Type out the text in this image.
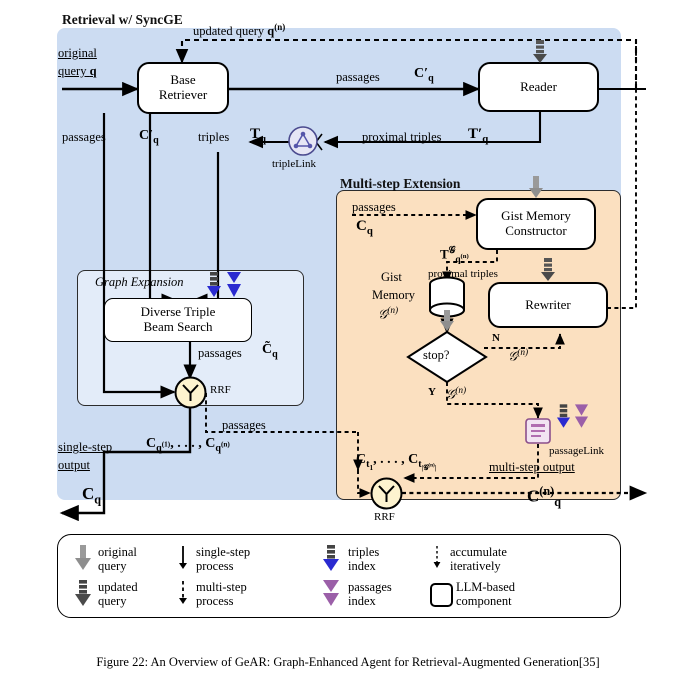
Retrieval w/ SyncGE
Graph Expansion
Multi-step Extension
Base
Retriever
Reader
Diverse Triple
Beam Search
Gist Memory
Constructor
Rewriter
stop?
RRF
RRF
tripleLink
passageLink
updated query $q^{(n)}$
original
query q	passages $C'_q$
passages $C'_q$	triples $T_q$	proximal triples $T'_q$
passages
$C_q$
$T^𝒢_{q^{(n)}}$
proximal triples
Gist
Memory
𝒢$^{(n)}$
passages $C̃_q$
N
Y
𝒢$^{(n)}$
𝒢$^{(n)}$
passages
$C_{q^{(1)}}$, . . . , $C_{q^{(n)}}$
$C_{t_1}$, . . . , $C_{t_{|𝒢^{(n)}|}}$
single-step
output
$C_q$
multi-step output
$C^{(n)}_q$
original
query
updated
query
single-step
process
multi-step
process
triples
index
passages
index
accumulate
iteratively
LLM-based
component
Figure 22: An Overview of GeAR: Graph-Enhanced Agent for Retrieval-Augmented Generation[35]
